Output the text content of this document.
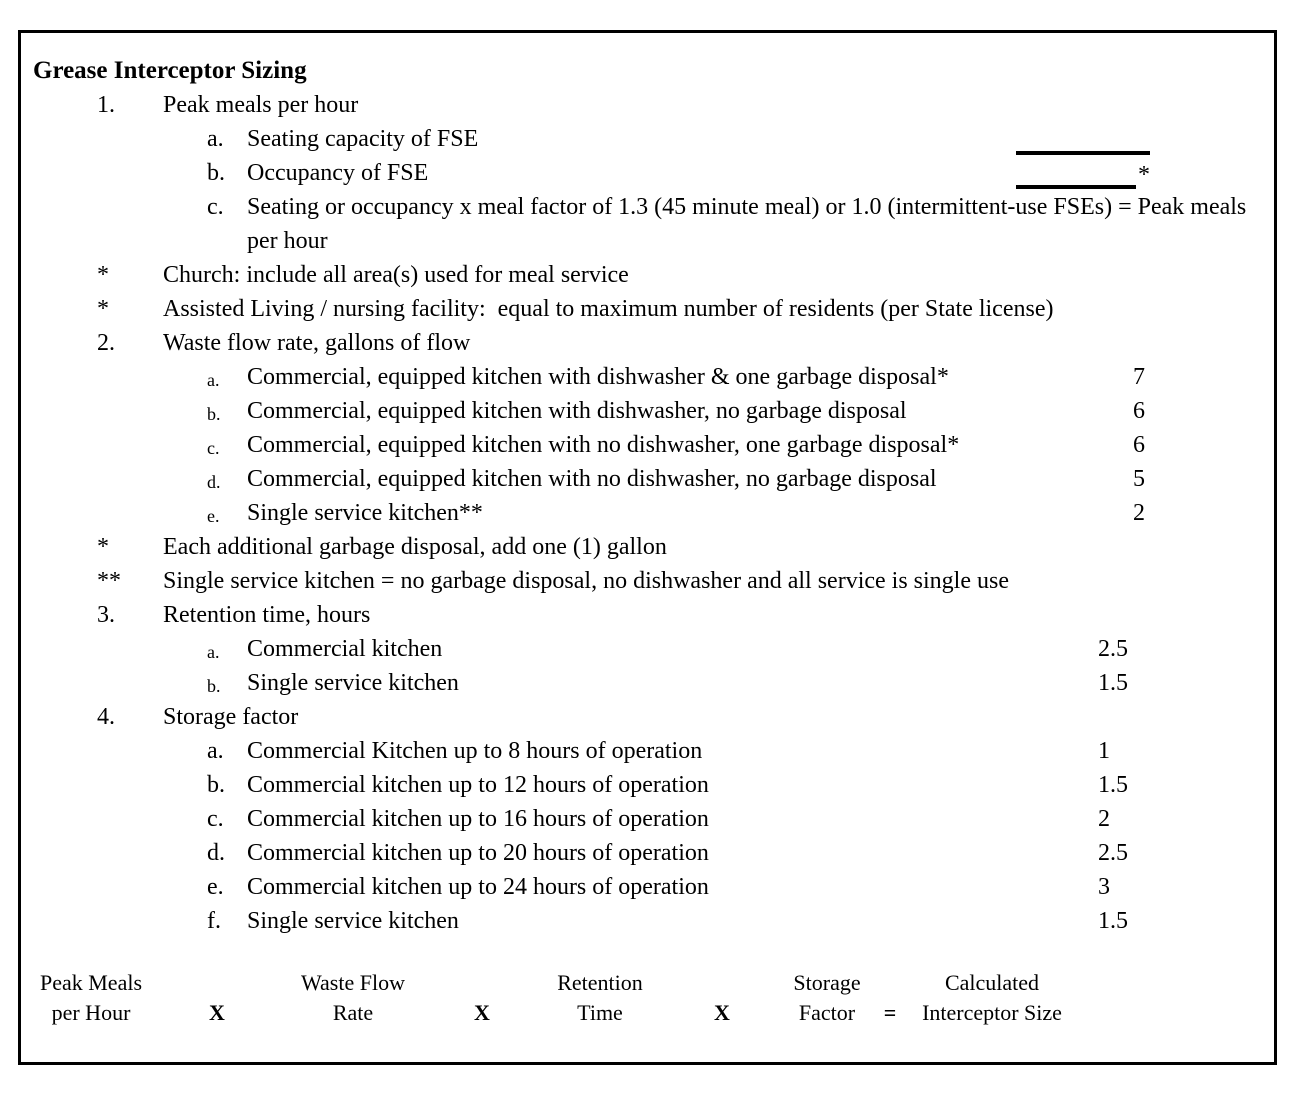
Grease Interceptor Sizing
1. Peak meals per hour
a. Seating capacity of FSE
b. Occupancy of FSE	*
c. Seating or occupancy x meal factor of 1.3 (45 minute meal) or 1.0 (intermittent-use FSEs) = Peak meals per hour
* Church: include all area(s) used for meal service
* Assisted Living / nursing facility:  equal to maximum number of residents (per State license)
2. Waste flow rate, gallons of flow
a. Commercial, equipped kitchen with dishwasher & one garbage disposal*	7
b. Commercial, equipped kitchen with dishwasher, no garbage disposal	6
c. Commercial, equipped kitchen with no dishwasher, one garbage disposal*	6
d. Commercial, equipped kitchen with no dishwasher, no garbage disposal	5
e. Single service kitchen**	2
* Each additional garbage disposal, add one (1) gallon
** Single service kitchen = no garbage disposal, no dishwasher and all service is single use
3. Retention time, hours
a. Commercial kitchen	2.5
b. Single service kitchen	1.5
4. Storage factor
a. Commercial Kitchen up to 8 hours of operation	1
b. Commercial kitchen up to 12 hours of operation	1.5
c. Commercial kitchen up to 16 hours of operation	2
d. Commercial kitchen up to 20 hours of operation	2.5
e. Commercial kitchen up to 24 hours of operation	3
f. Single service kitchen	1.5
Peak Meals
per Hour	X
Waste Flow
Rate	X
Retention
Time	X
Storage
Factor	=
Calculated
Interceptor Size
